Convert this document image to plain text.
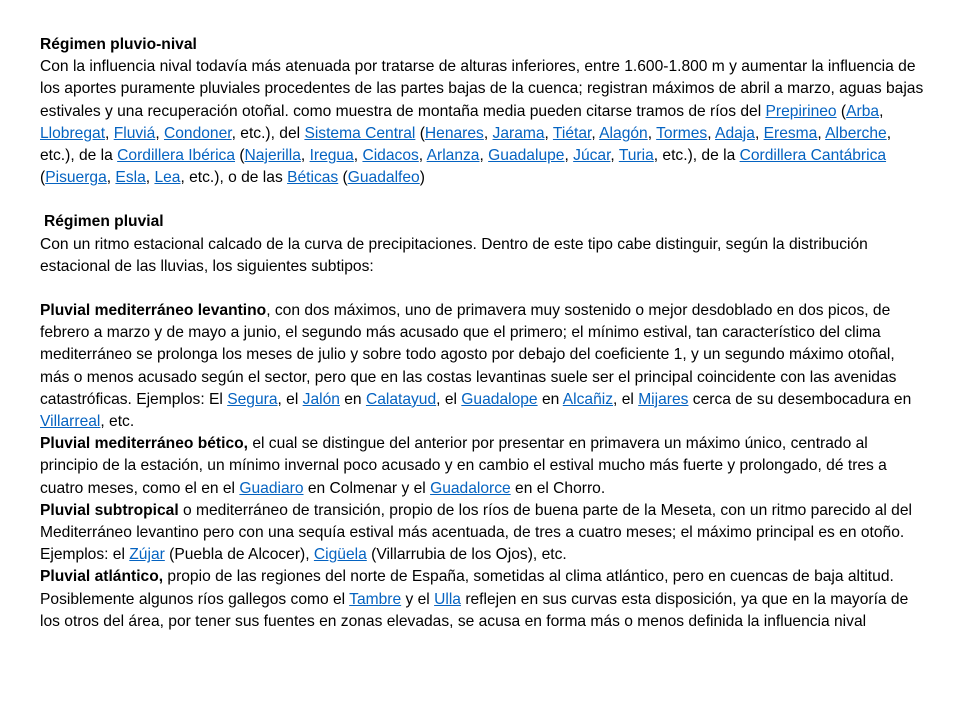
Régimen pluvio-nival

Con la influencia nival todavía más atenuada por tratarse de alturas inferiores, entre 1.600-1.800 m y aumentar la influencia de los aportes puramente pluviales procedentes de las partes bajas de la cuenca; registran máximos de abril a marzo, aguas bajas estivales y una recuperación otoñal. como muestra de montaña media pueden citarse tramos de ríos del Prepirineo (Arba, Llobregat, Fluviá, Condoner, etc.), del Sistema Central (Henares, Jarama, Tiétar, Alagón, Tormes, Adaja, Eresma, Alberche, etc.), de la Cordillera Ibérica (Najerilla, Iregua, Cidacos, Arlanza, Guadalupe, Júcar, Turia, etc.), de la Cordillera Cantábrica (Pisuerga, Esla, Lea, etc.), o de las Béticas (Guadalfeo)

Régimen pluvial

Con un ritmo estacional calcado de la curva de precipitaciones. Dentro de este tipo cabe distinguir, según la distribución estacional de las lluvias, los siguientes subtipos:

Pluvial mediterráneo levantino, con dos máximos, uno de primavera muy sostenido o mejor desdoblado en dos picos, de febrero a marzo y de mayo a junio, el segundo más acusado que el primero; el mínimo estival, tan característico del clima mediterráneo se prolonga los meses de julio y sobre todo agosto por debajo del coeficiente 1, y un segundo máximo otoñal, más o menos acusado según el sector, pero que en las costas levantinas suele ser el principal coincidente con las avenidas catastróficas. Ejemplos: El Segura, el Jalón en Calatayud, el Guadalope en Alcañiz, el Mijares cerca de su desembocadura en Villarreal, etc.

Pluvial mediterráneo bético, el cual se distingue del anterior por presentar en primavera un máximo único, centrado al principio de la estación, un mínimo invernal poco acusado y en cambio el estival mucho más fuerte y prolongado, dé tres a cuatro meses, como el en el Guadiaro en Colmenar y el Guadalorce en el Chorro.

Pluvial subtropical o mediterráneo de transición, propio de los ríos de buena parte de la Meseta, con un ritmo parecido al del Mediterráneo levantino pero con una sequía estival más acentuada, de tres a cuatro meses; el máximo principal es en otoño. Ejemplos: el Zújar (Puebla de Alcocer), Cigüela (Villarrubia de los Ojos), etc.

Pluvial atlántico, propio de las regiones del norte de España, sometidas al clima atlántico, pero en cuencas de baja altitud. Posiblemente algunos ríos gallegos como el Tambre y el Ulla reflejen en sus curvas esta disposición, ya que en la mayoría de los otros del área, por tener sus fuentes en zonas elevadas, se acusa en forma más o menos definida la influencia nival
